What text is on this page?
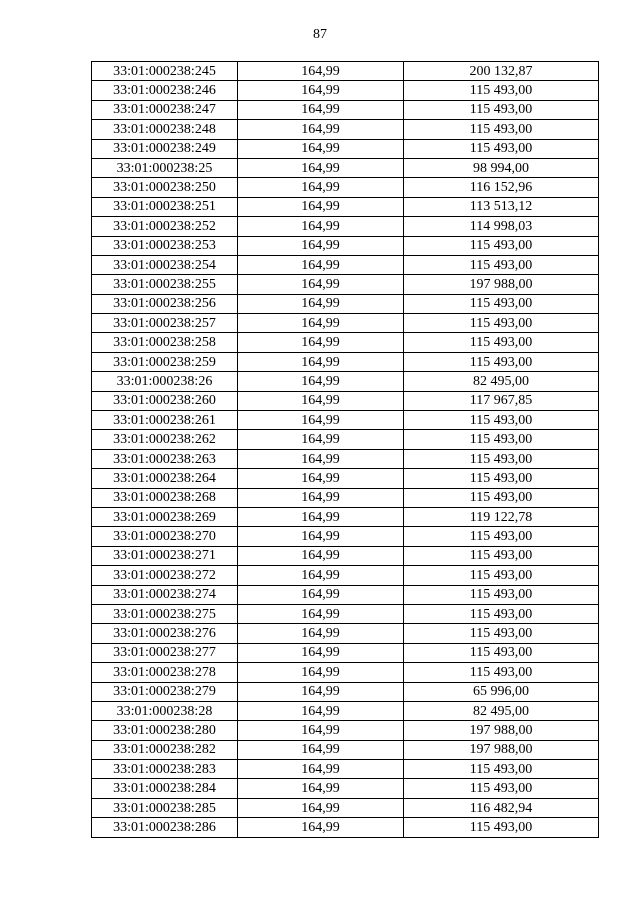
87
33:01:000238:245	164,99	200 132,87
33:01:000238:246	164,99	115 493,00
33:01:000238:247	164,99	115 493,00
33:01:000238:248	164,99	115 493,00
33:01:000238:249	164,99	115 493,00
33:01:000238:25	164,99	98 994,00
33:01:000238:250	164,99	116 152,96
33:01:000238:251	164,99	113 513,12
33:01:000238:252	164,99	114 998,03
33:01:000238:253	164,99	115 493,00
33:01:000238:254	164,99	115 493,00
33:01:000238:255	164,99	197 988,00
33:01:000238:256	164,99	115 493,00
33:01:000238:257	164,99	115 493,00
33:01:000238:258	164,99	115 493,00
33:01:000238:259	164,99	115 493,00
33:01:000238:26	164,99	82 495,00
33:01:000238:260	164,99	117 967,85
33:01:000238:261	164,99	115 493,00
33:01:000238:262	164,99	115 493,00
33:01:000238:263	164,99	115 493,00
33:01:000238:264	164,99	115 493,00
33:01:000238:268	164,99	115 493,00
33:01:000238:269	164,99	119 122,78
33:01:000238:270	164,99	115 493,00
33:01:000238:271	164,99	115 493,00
33:01:000238:272	164,99	115 493,00
33:01:000238:274	164,99	115 493,00
33:01:000238:275	164,99	115 493,00
33:01:000238:276	164,99	115 493,00
33:01:000238:277	164,99	115 493,00
33:01:000238:278	164,99	115 493,00
33:01:000238:279	164,99	65 996,00
33:01:000238:28	164,99	82 495,00
33:01:000238:280	164,99	197 988,00
33:01:000238:282	164,99	197 988,00
33:01:000238:283	164,99	115 493,00
33:01:000238:284	164,99	115 493,00
33:01:000238:285	164,99	116 482,94
33:01:000238:286	164,99	115 493,00
